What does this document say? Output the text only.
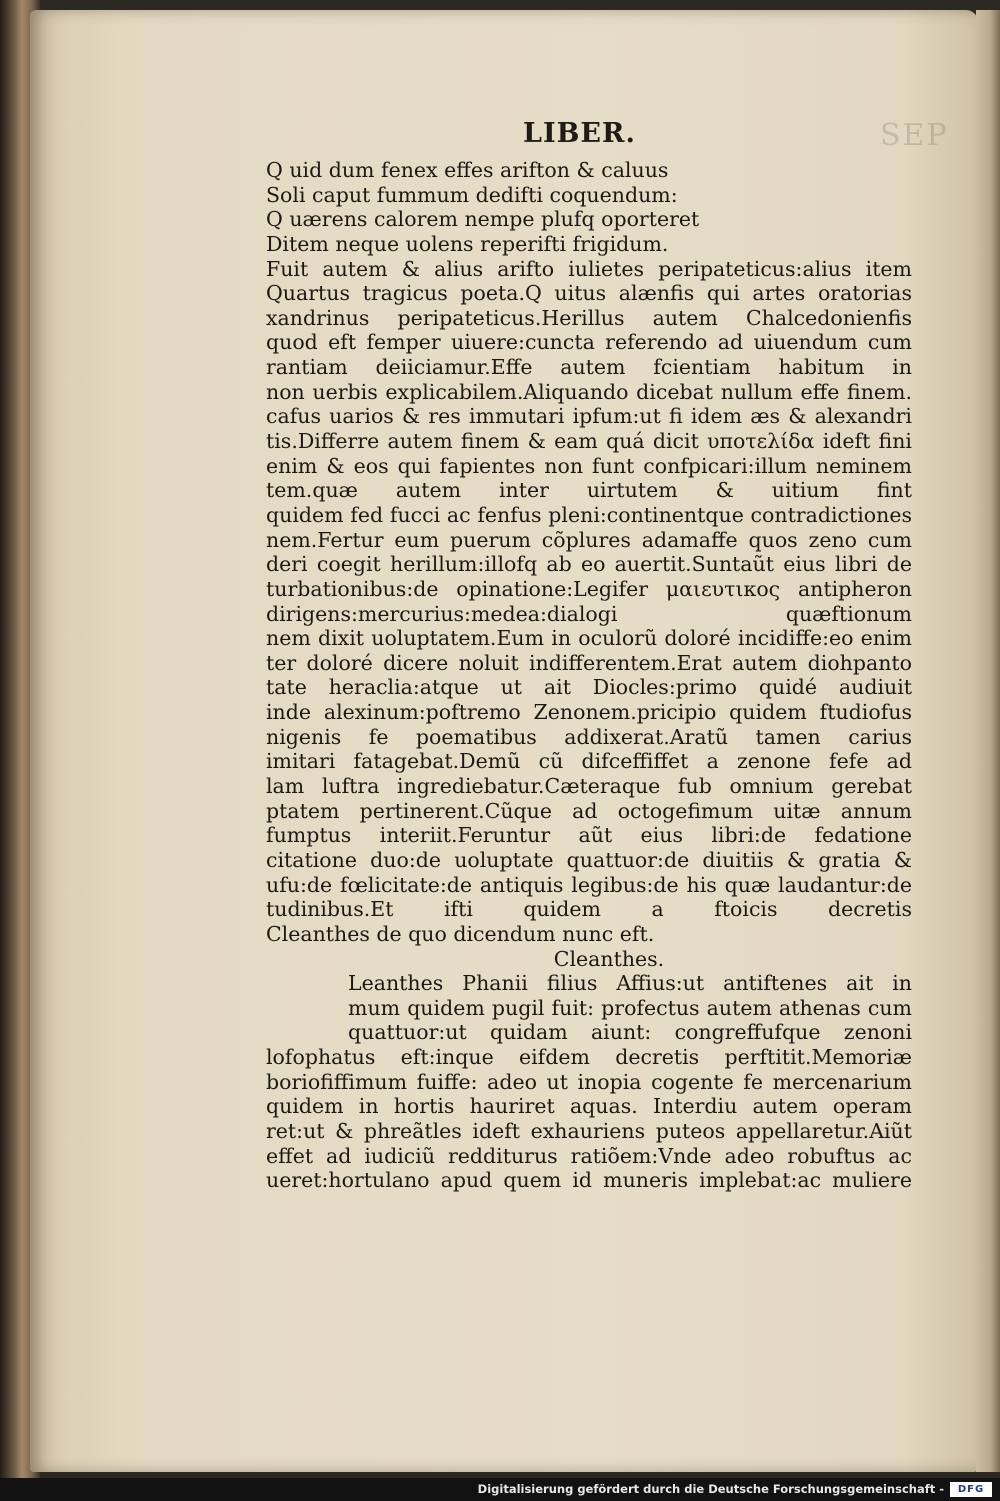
SEP
LIBER.
Q uid dum fenex effes arifton & caluus
Soli caput fummum dedifti coquendum:
Q uærens calorem nempe plufq oporteret
Ditem neque uolens reperifti frigidum.
Fuit autem & alius arifto iulietes peripateticus:alius item
Quartus tragicus poeta.Q uitus alænfis qui artes oratorias
xandrinus peripateticus.Herillus autem Chalcedonienfis
quod eft femper uiuere:cuncta referendo ad uiuendum cum
rantiam deiiciamur.Effe autem fcientiam habitum in
non uerbis explicabilem.Aliquando dicebat nullum effe finem.
cafus uarios & res immutari ipfum:ut fi idem æs & alexandri
tis.Differre autem finem & eam quá dicit υποτελίδα ideft fini
enim & eos qui fapientes non funt confpicari:illum neminem
tem.quæ autem inter uirtutem & uitium fint
quidem fed fucci ac fenfus pleni:continentque contradictiones
nem.Fertur eum puerum cõplures adamaffe quos zeno cum
deri coegit herillum:illofq ab eo auertit.Suntaũt eius libri de
turbationibus:de opinatione:Legifer μαιευτικος antipheron
dirigens:mercurius:medea:dialogi quæftionum
nem dixit uoluptatem.Eum in oculorũ doloré incidiffe:eo enim
ter doloré dicere noluit indifferentem.Erat autem diohpanto
tate heraclia:atque ut ait Diocles:primo quidé audiuit
inde alexinum:poftremo Zenonem.pricipio quidem ftudiofus
nigenis fe poematibus addixerat.Aratũ tamen carius
imitari fatagebat.Demũ cũ difceffiffet a zenone fefe ad
lam luftra ingrediebatur.Cæteraque fub omnium gerebat
ptatem pertinerent.Cũque ad octogefimum uitæ annum
fumptus interiit.Feruntur aũt eius libri:de fedatione
citatione duo:de uoluptate quattuor:de diuitiis & gratia &
ufu:de fœlicitate:de antiquis legibus:de his quæ laudantur:de
tudinibus.Et ifti quidem a ftoicis decretis
Cleanthes de quo dicendum nunc eft.
Cleanthes.
Leanthes Phanii filius Affius:ut antiftenes ait in
mum quidem pugil fuit: profectus autem athenas cum
quattuor:ut quidam aiunt: congreffufque zenoni
lofophatus eft:inque eifdem decretis perftitit.Memoriæ
boriofiffimum fuiffe: adeo ut inopia cogente fe mercenarium
quidem in hortis hauriret aquas. Interdiu autem operam
ret:ut & phreãtles ideft exhauriens puteos appellaretur.Aiũt
effet ad iudiciũ redditurus ratiõem:Vnde adeo robuftus ac
ueret:hortulano apud quem id muneris implebat:ac muliere
Digitalisierung gefördert durch die Deutsche Forschungsgemeinschaft -	DFG
